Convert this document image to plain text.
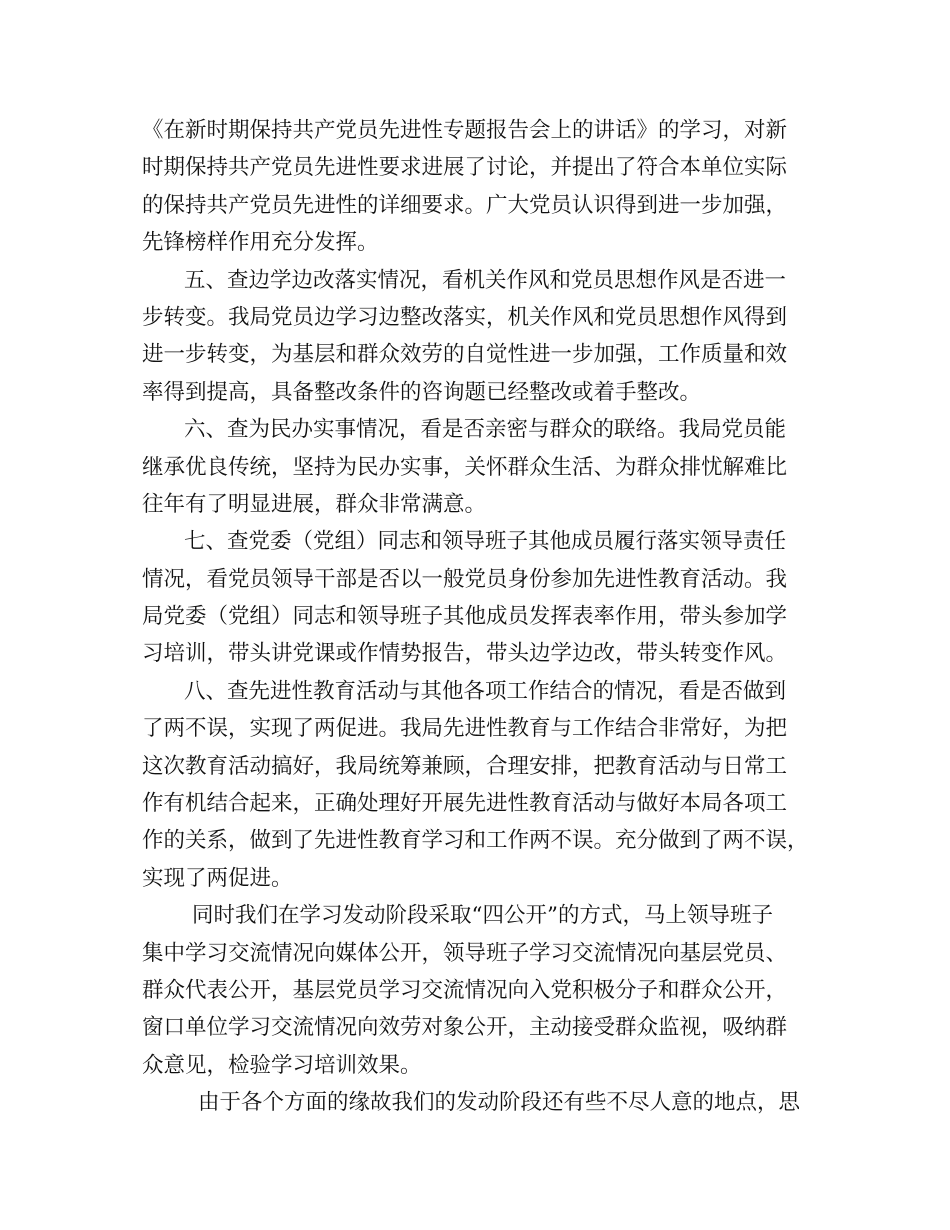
《在新时期保持共产党员先进性专题报告会上的讲话》的学习，对新
时期保持共产党员先进性要求进展了讨论，并提出了符合本单位实际
的保持共产党员先进性的详细要求。广大党员认识得到进一步加强，
先锋榜样作用充分发挥。
五、查边学边改落实情况，看机关作风和党员思想作风是否进一
步转变。我局党员边学习边整改落实，机关作风和党员思想作风得到
进一步转变，为基层和群众效劳的自觉性进一步加强，工作质量和效
率得到提高，具备整改条件的咨询题已经整改或着手整改。
六、查为民办实事情况，看是否亲密与群众的联络。我局党员能
继承优良传统，坚持为民办实事，关怀群众生活、为群众排忧解难比
往年有了明显进展，群众非常满意。
七、查党委（党组）同志和领导班子其他成员履行落实领导责任
情况，看党员领导干部是否以一般党员身份参加先进性教育活动。我
局党委（党组）同志和领导班子其他成员发挥表率作用，带头参加学
习培训，带头讲党课或作情势报告，带头边学边改，带头转变作风。
八、查先进性教育活动与其他各项工作结合的情况，看是否做到
了两不误，实现了两促进。我局先进性教育与工作结合非常好，为把
这次教育活动搞好，我局统筹兼顾，合理安排，把教育活动与日常工
作有机结合起来，正确处理好开展先进性教育活动与做好本局各项工
作的关系，做到了先进性教育学习和工作两不误。充分做到了两不误，
实现了两促进。
同时我们在学习发动阶段采取“四公开”的方式，马上领导班子
集中学习交流情况向媒体公开，领导班子学习交流情况向基层党员、
群众代表公开，基层党员学习交流情况向入党积极分子和群众公开，
窗口单位学习交流情况向效劳对象公开，主动接受群众监视，吸纳群
众意见，检验学习培训效果。
由于各个方面的缘故我们的发动阶段还有些不尽人意的地点，思
